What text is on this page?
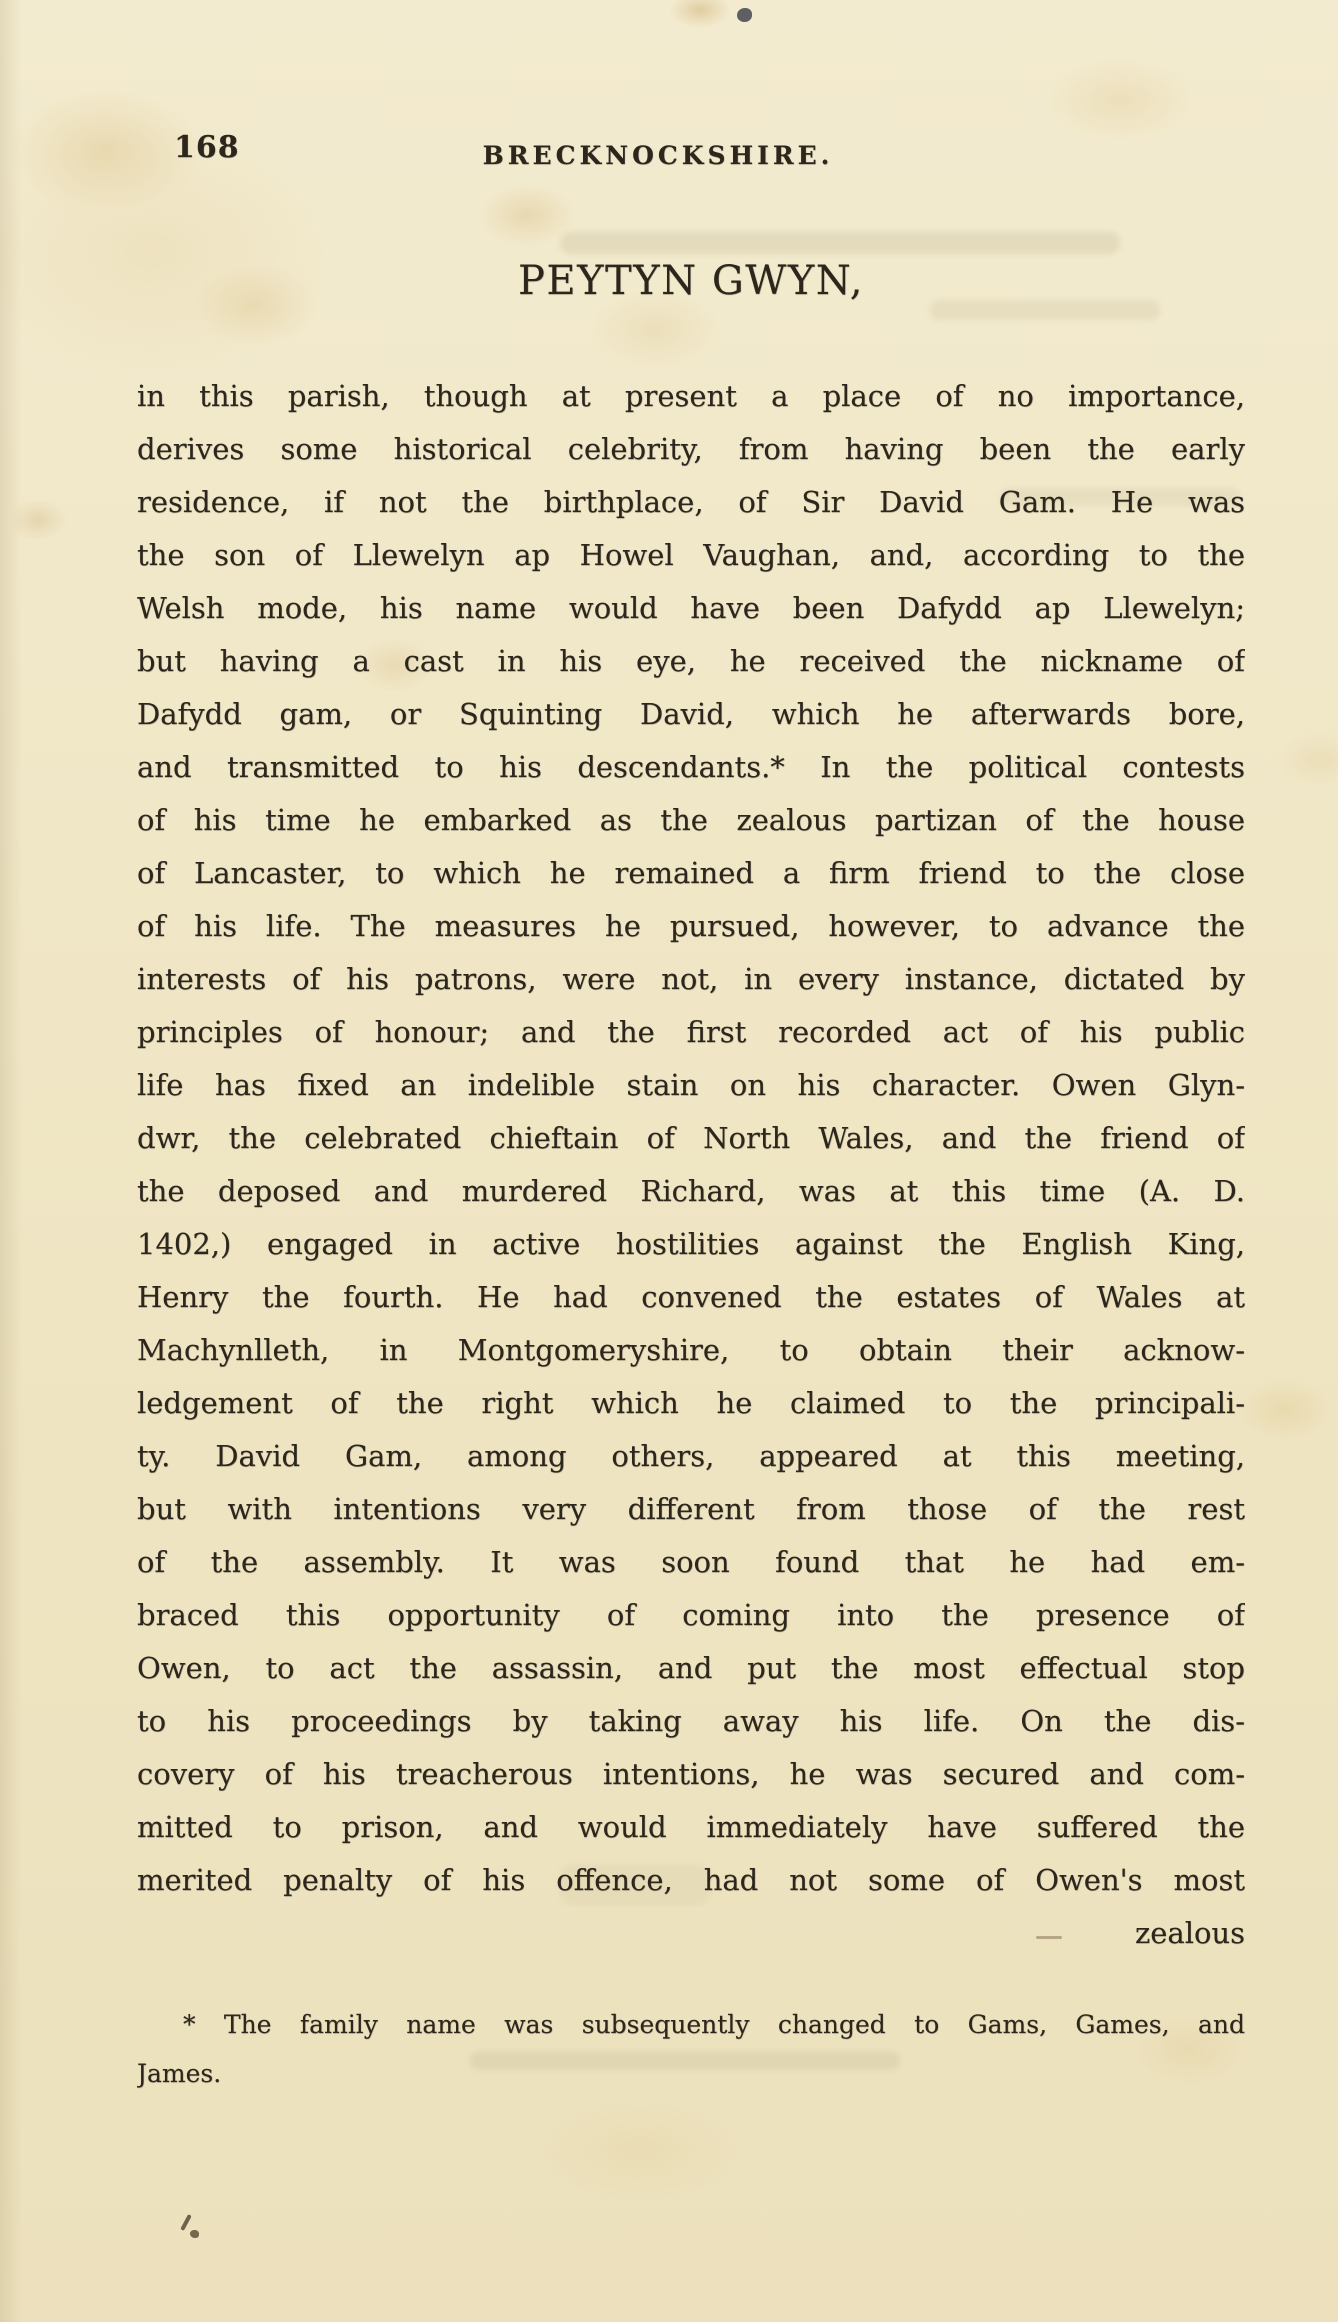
168	BRECKNOCKSHIRE.
PEYTYN GWYN,
in this parish, though at present a place of no importance,
derives some historical celebrity, from having been the early
residence, if not the birthplace, of Sir David Gam. He was
the son of Llewelyn ap Howel Vaughan, and, according to the
Welsh mode, his name would have been Dafydd ap Llewelyn;
but having a cast in his eye, he received the nickname of
Dafydd gam, or Squinting David, which he afterwards bore,
and transmitted to his descendants.* In the political contests
of his time he embarked as the zealous partizan of the house
of Lancaster, to which he remained a firm friend to the close
of his life. The measures he pursued, however, to advance the
interests of his patrons, were not, in every instance, dictated by
principles of honour; and the first recorded act of his public
life has fixed an indelible stain on his character. Owen Glyn-
dwr, the celebrated chieftain of North Wales, and the friend of
the deposed and murdered Richard, was at this time (A. D.
1402,) engaged in active hostilities against the English King,
Henry the fourth. He had convened the estates of Wales at
Machynlleth, in Montgomeryshire, to obtain their acknow-
ledgement of the right which he claimed to the principali-
ty. David Gam, among others, appeared at this meeting,
but with intentions very different from those of the rest
of the assembly. It was soon found that he had em-
braced this opportunity of coming into the presence of
Owen, to act the assassin, and put the most effectual stop
to his proceedings by taking away his life. On the dis-
covery of his treacherous intentions, he was secured and com-
mitted to prison, and would immediately have suffered the
merited penalty of his offence, had not some of Owen's most
zealous
* The family name was subsequently changed to Gams, Games, and
James.
